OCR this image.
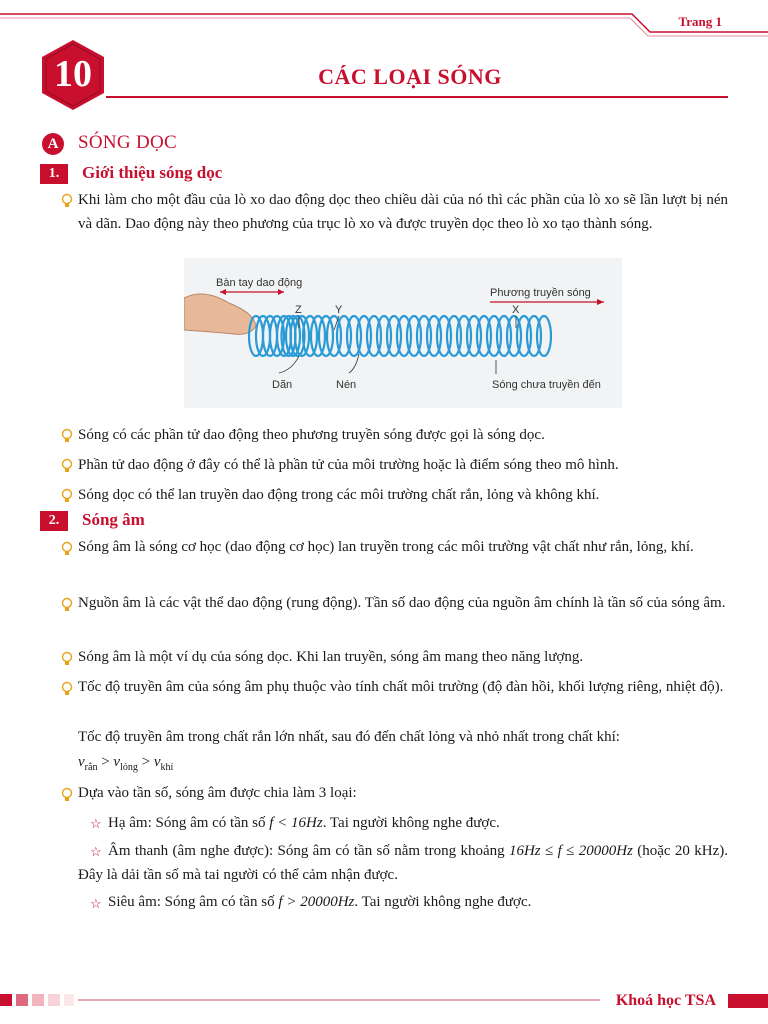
Trang 1
10	CÁC LOẠI SÓNG
A SÓNG DỌC
1.	Giới thiệu sóng dọc
Khi làm cho một đầu của lò xo dao động dọc theo chiều dài của nó thì các phần của lò xo sẽ lần lượt bị nén và dãn. Dao động này theo phương của trục lò xo và được truyền dọc theo lò xo tạo thành sóng.
Bàn tay dao động
Phương truyền sóng
Z	Y	X
Dãn	Nén	Sóng chưa truyền đến
Sóng có các phần tử dao động theo phương truyền sóng được gọi là sóng dọc.
Phần tử dao động ở đây có thể là phần tử của môi trường hoặc là điểm sóng theo mô hình.
Sóng dọc có thể lan truyền dao động trong các môi trường chất rắn, lỏng và không khí.
2.	Sóng âm
Sóng âm là sóng cơ học (dao động cơ học) lan truyền trong các môi trường vật chất như rắn, lỏng, khí.
Nguồn âm là các vật thể dao động (rung động). Tần số dao động của nguồn âm chính là tần số của sóng âm.
Sóng âm là một ví dụ của sóng dọc. Khi lan truyền, sóng âm mang theo năng lượng.
Tốc độ truyền âm của sóng âm phụ thuộc vào tính chất môi trường (độ đàn hồi, khối lượng riêng, nhiệt độ).
Tốc độ truyền âm trong chất rắn lớn nhất, sau đó đến chất lỏng và nhỏ nhất trong chất khí:
$v_{rắn} > v_{lỏng} > v_{khí}$
Dựa vào tần số, sóng âm được chia làm 3 loại:
☆ Hạ âm: Sóng âm có tần số f < 16Hz. Tai người không nghe được.
☆ Âm thanh (âm nghe được): Sóng âm có tần số nằm trong khoảng 16Hz ≤ f ≤ 20000Hz (hoặc 20 kHz). Đây là dải tần số mà tai người có thể cảm nhận được.
☆ Siêu âm: Sóng âm có tần số f > 20000Hz. Tai người không nghe được.
Khoá học TSA
